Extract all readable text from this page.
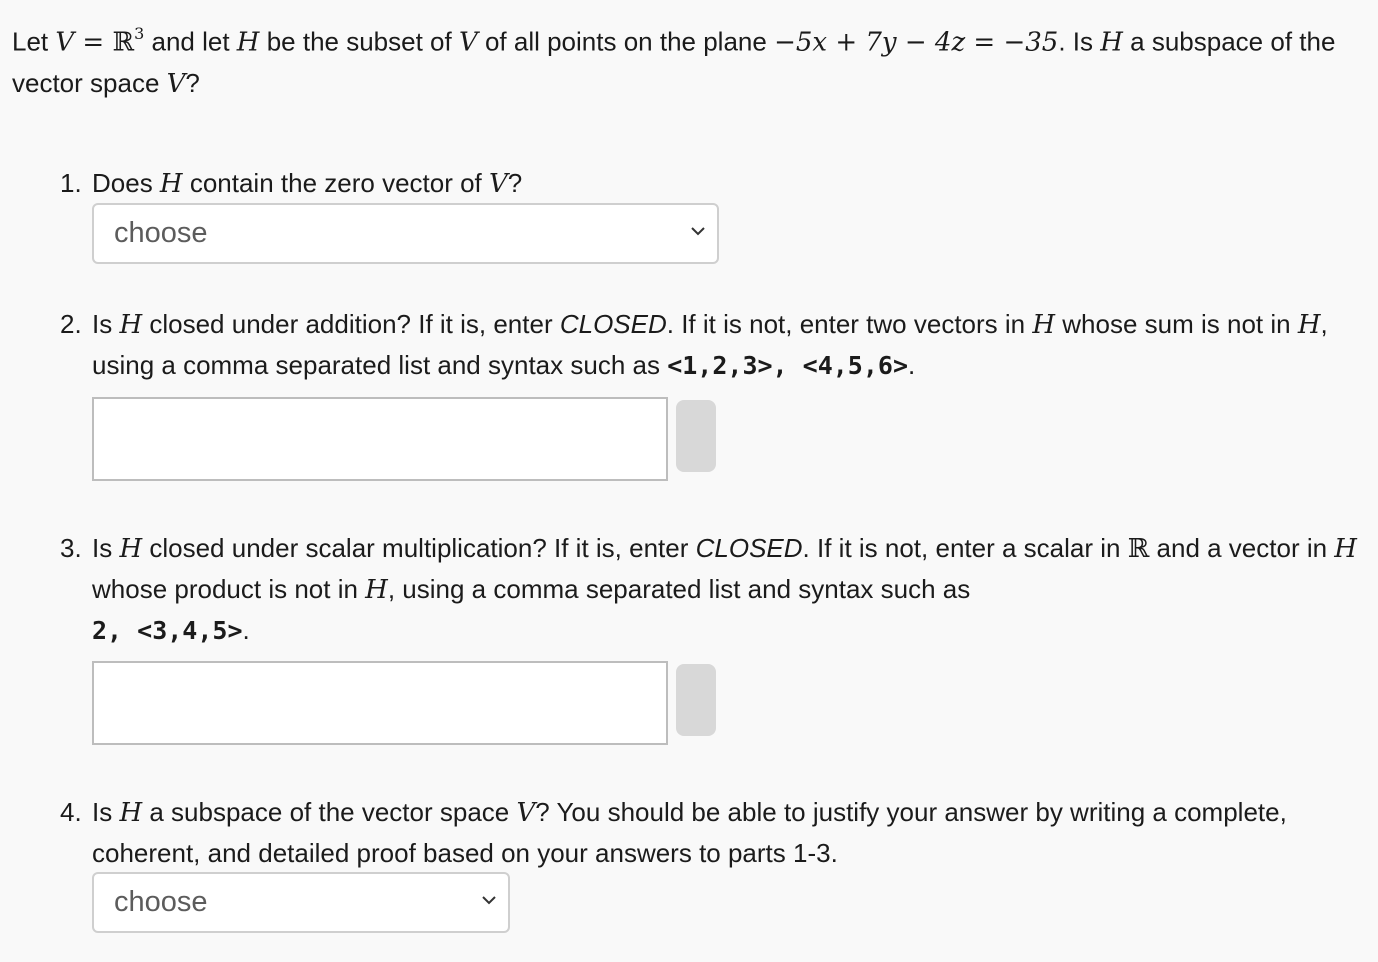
Let V = ℝ$^3$ and let H be the subset of V of all points on the plane −5x + 7y − 4z = −35. Is H a subspace of the vector space V?
1. Does H contain the zero vector of V?
choose
2. Is H closed under addition? If it is, enter CLOSED. If it is not, enter two vectors in H whose sum is not in H, using a comma separated list and syntax such as <1,2,3>, <4,5,6>.
3. Is H closed under scalar multiplication? If it is, enter CLOSED. If it is not, enter a scalar in ℝ and a vector in H whose product is not in H, using a comma separated list and syntax such as
2, <3,4,5>.
4. Is H a subspace of the vector space V? You should be able to justify your answer by writing a complete, coherent, and detailed proof based on your answers to parts 1-3.
choose
